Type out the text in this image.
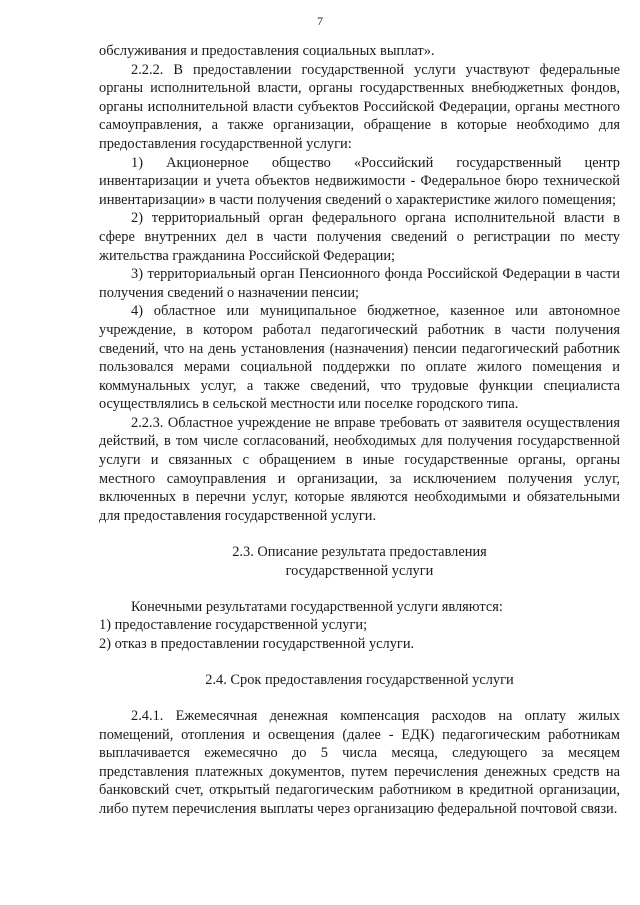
7

обслуживания и предоставления социальных выплат».

2.2.2. В предоставлении государственной услуги участвуют федеральные органы исполнительной власти, органы государственных внебюджетных фондов, органы исполнительной власти субъектов Российской Федерации, органы местного самоуправления, а также организации, обращение в которые необходимо для предоставления государственной услуги:

1) Акционерное общество «Российский государственный центр инвентаризации и учета объектов недвижимости - Федеральное бюро технической инвентаризации» в части получения сведений о характеристике жилого помещения;

2) территориальный орган федерального органа исполнительной власти в сфере внутренних дел в части получения сведений о регистрации по месту жительства гражданина Российской Федерации;

3) территориальный орган Пенсионного фонда Российской Федерации в части получения сведений о назначении пенсии;

4) областное или муниципальное бюджетное, казенное или автономное учреждение, в котором работал педагогический работник в части получения сведений, что на день установления (назначения) пенсии педагогический работник пользовался мерами социальной поддержки по оплате жилого помещения и коммунальных услуг, а также сведений, что трудовые функции специалиста осуществлялись в сельской местности или поселке городского типа.

2.2.3. Областное учреждение не вправе требовать от заявителя осуществления действий, в том числе согласований, необходимых для получения государственной услуги и связанных с обращением в иные государственные органы, органы местного самоуправления и организации, за исключением получения услуг, включенных в перечни услуг, которые являются необходимыми и обязательными для предоставления государственной услуги.

2.3. Описание результата предоставления

государственной услуги

Конечными результатами государственной услуги являются:

1) предоставление государственной услуги;

2) отказ в предоставлении государственной услуги.

2.4. Срок предоставления государственной услуги

2.4.1. Ежемесячная денежная компенсация расходов на оплату жилых помещений, отопления и освещения (далее - ЕДК) педагогическим работникам выплачивается ежемесячно до 5 числа месяца, следующего за месяцем представления платежных документов, путем перечисления денежных средств на банковский счет, открытый педагогическим работником в кредитной организации, либо путем перечисления выплаты через организацию федеральной почтовой связи.
